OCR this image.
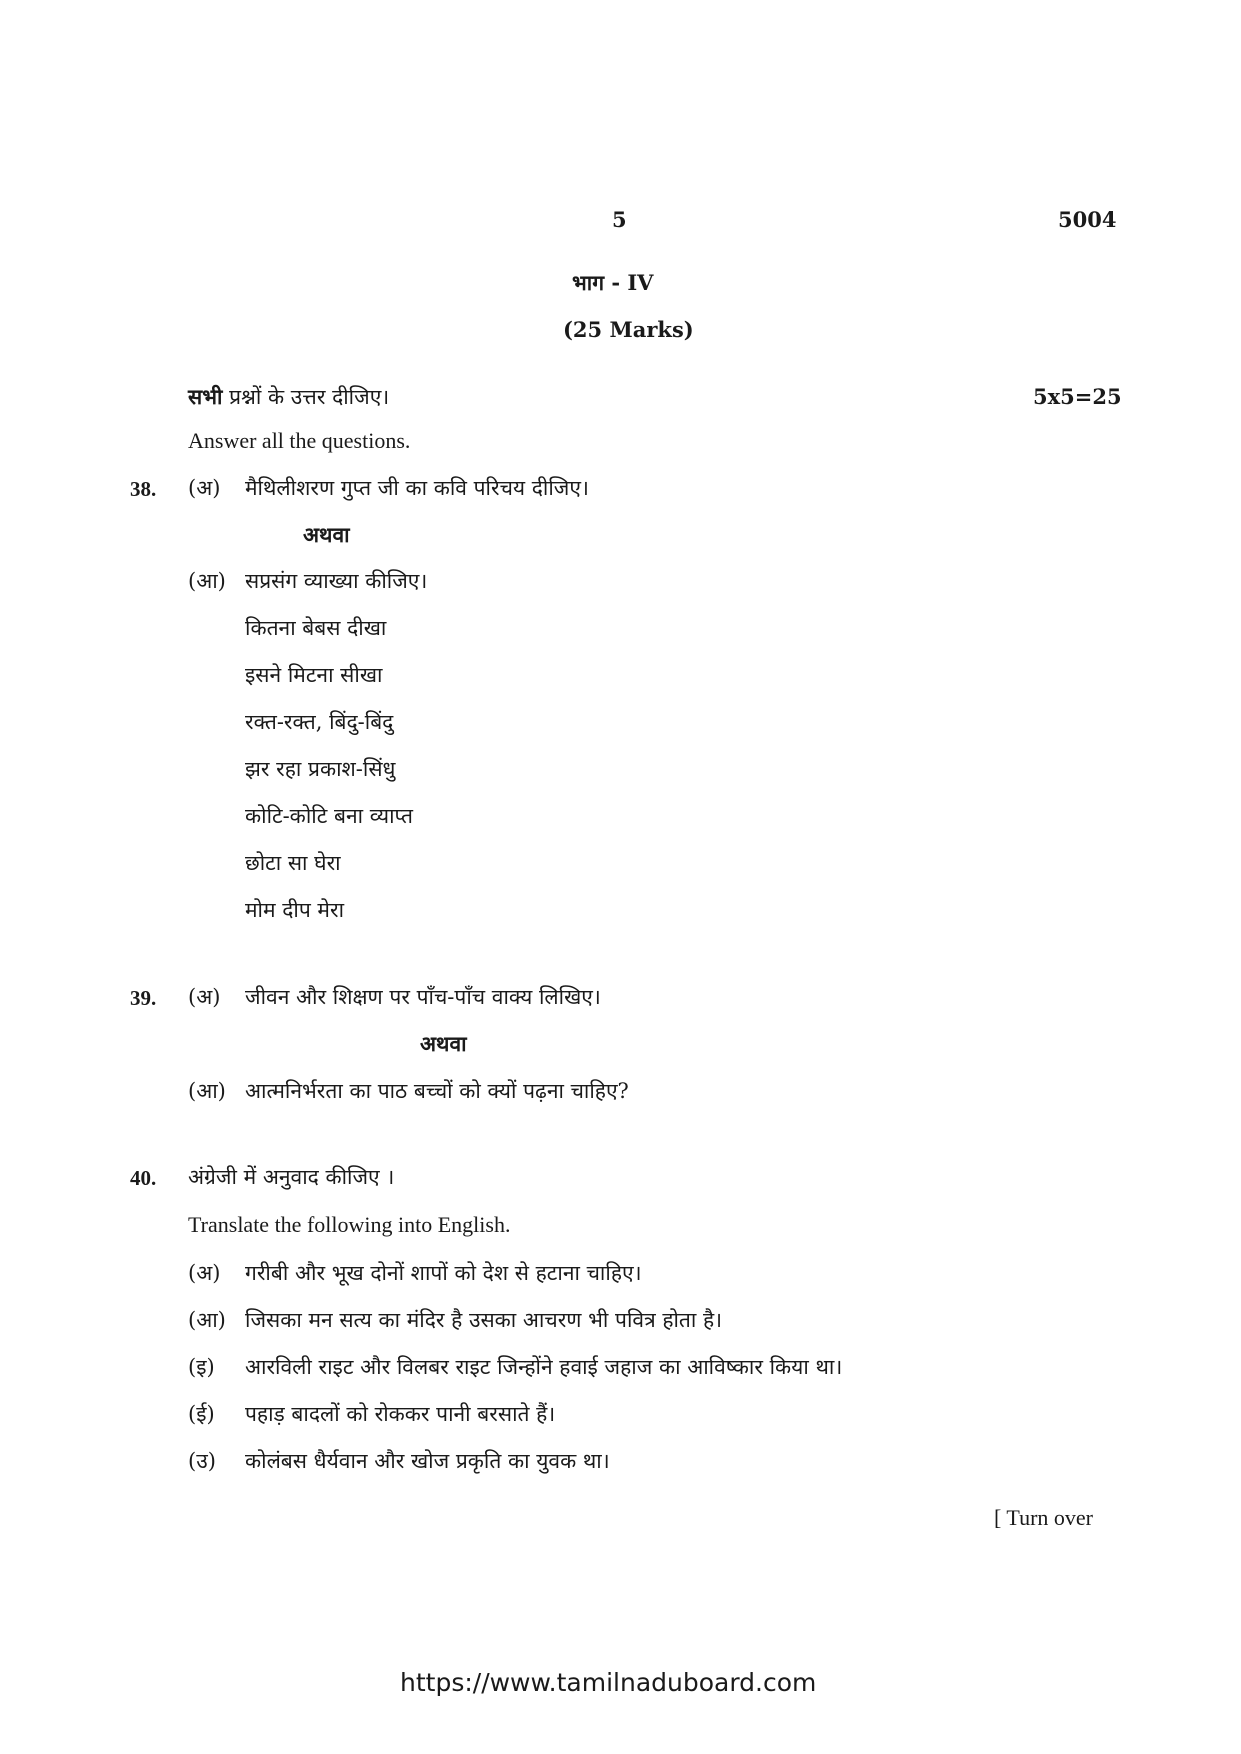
5	5004
भाग - IV
(25 Marks)
सभी प्रश्नों के उत्तर दीजिए।	5x5=25
Answer all the questions.
38. (अ) मैथिलीशरण गुप्त जी का कवि परिचय दीजिए।
अथवा
(आ) सप्रसंग व्याख्या कीजिए।
कितना बेबस दीखा
इसने मिटना सीखा
रक्त-रक्त, बिंदु-बिंदु
झर रहा प्रकाश-सिंधु
कोटि-कोटि बना व्याप्त
छोटा सा घेरा
मोम दीप मेरा
39. (अ) जीवन और शिक्षण पर पाँच-पाँच वाक्य लिखिए।
अथवा
(आ) आत्मनिर्भरता का पाठ बच्चों को क्यों पढ़ना चाहिए?
40. अंग्रेजी में अनुवाद कीजिए ।
Translate the following into English.
(अ) गरीबी और भूख दोनों शापों को देश से हटाना चाहिए।
(आ) जिसका मन सत्य का मंदिर है उसका आचरण भी पवित्र होता है।
(इ) आरविली राइट और विलबर राइट जिन्होंने हवाई जहाज का आविष्कार किया था।
(ई) पहाड़ बादलों को रोककर पानी बरसाते हैं।
(उ) कोलंबस धैर्यवान और खोज प्रकृति का युवक था।
[ Turn over
https://www.tamilnaduboard.com
